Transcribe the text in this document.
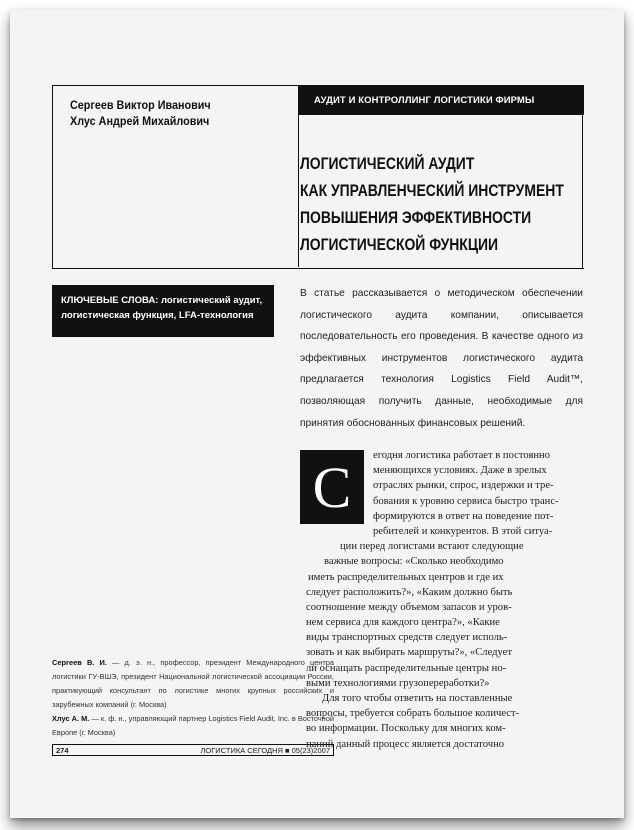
Сергеев Виктор Иванович
Хлус Андрей Михайлович
АУДИТ И КОНТРОЛЛИНГ ЛОГИСТИКИ ФИРМЫ
ЛОГИСТИЧЕСКИЙ АУДИТ
КАК УПРАВЛЕНЧЕСКИЙ ИНСТРУМЕНТ
ПОВЫШЕНИЯ ЭФФЕКТИВНОСТИ
ЛОГИСТИЧЕСКОЙ ФУНКЦИИ
КЛЮЧЕВЫЕ СЛОВА: логистический аудит, логистическая функция, LFA-технология
В статье рассказывается о методическом обеспечении логистического аудита компании, описывается последовательность его проведения. В качестве одного из эффективных инструментов логистического аудита предлагается технология Logistics Field Audit™, позволяющая получить данные, необходимые для принятия обоснованных финансовых решений.
С	егодня логистика работает в постоянно
меняющихся условиях. Даже в зрелых
отраслях рынки, спрос, издержки и тре-
бования к уровню сервиса быстро транс-
формируются в ответ на поведение пот-
ребителей и конкурентов. В этой ситуа-
ции перед логистами встают следующие
важные вопросы: «Сколько необходимо
иметь распределительных центров и где их
следует расположить?», «Каким должно быть
соотношение между объемом запасов и уров-
нем сервиса для каждого центра?», «Какие
виды транспортных средств следует исполь-
зовать и как выбирать маршруты?», «Следует
ли оснащать распределительные центры но-
выми технологиями грузопереработки?»
Для того чтобы ответить на поставленные
вопросы, требуется собрать большое количест-
во информации. Поскольку для многих ком-
паний данный процесс является достаточно
Сергеев В. И. — д. э. н., профессор, президент Международного центра логистики ГУ-ВШЭ, президент Национальной логистической ассоциации России, практикующий консультант по логистике многих крупных российских и зарубежных компаний (г. Москва)
Хлус А. М. — к. ф. н., управляющий партнер Logistics Field Audit, Inc. в Восточной Европе (г. Москва)
274	ЛОГИСТИКА СЕГОДНЯ ■ 05(23)2007
